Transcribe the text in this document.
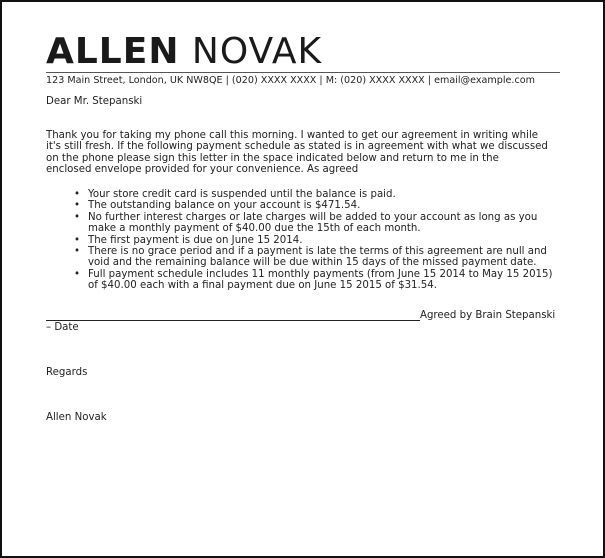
ALLEN NOVAK
123 Main Street, London, UK NW8QE | (020) XXXX XXXX | M: (020) XXXX XXXX | email@example.com
Dear Mr. Stepanski
Thank you for taking my phone call this morning. I wanted to get our agreement in writing while
it's still fresh. If the following payment schedule as stated is in agreement with what we discussed
on the phone please sign this letter in the space indicated below and return to me in the
enclosed envelope provided for your convenience. As agreed
• Your store credit card is suspended until the balance is paid.
• The outstanding balance on your account is $471.54.
• No further interest charges or late charges will be added to your account as long as you
make a monthly payment of $40.00 due the 15th of each month.
• The first payment is due on June 15 2014.
• There is no grace period and if a payment is late the terms of this agreement are null and
void and the remaining balance will be due within 15 days of the missed payment date.
• Full payment schedule includes 11 monthly payments (from June 15 2014 to May 15 2015)
of $40.00 each with a final payment due on June 15 2015 of $31.54.
Agreed by Brain Stepanski
– Date
Regards
Allen Novak
